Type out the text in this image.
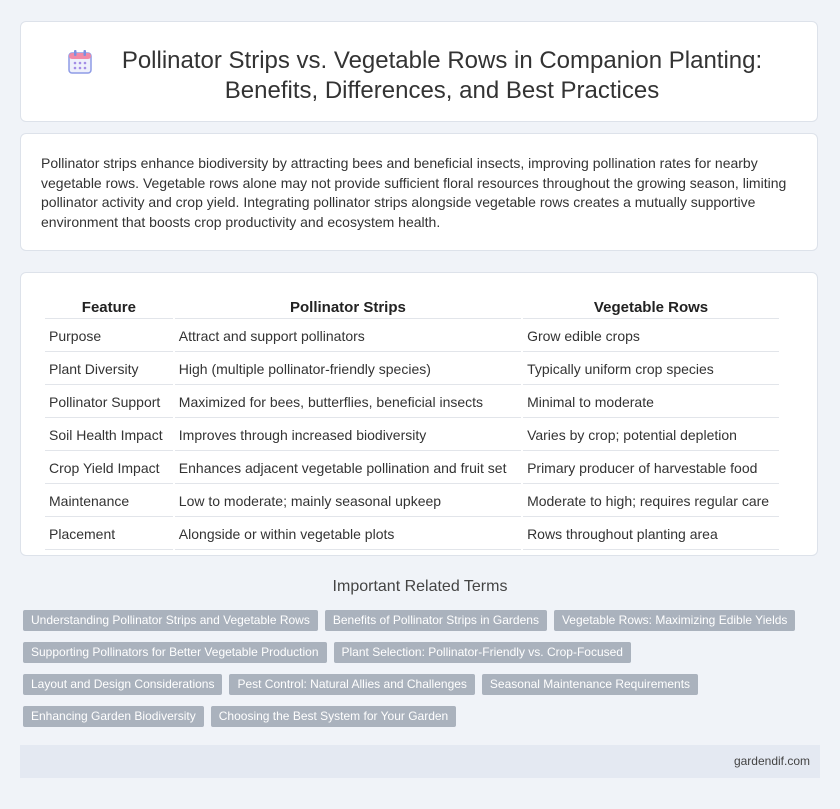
Pollinator Strips vs. Vegetable Rows in Companion Planting: Benefits, Differences, and Best Practices

Pollinator strips enhance biodiversity by attracting bees and beneficial insects, improving pollination rates for nearby vegetable rows. Vegetable rows alone may not provide sufficient floral resources throughout the growing season, limiting pollinator activity and crop yield. Integrating pollinator strips alongside vegetable rows creates a mutually supportive environment that boosts crop productivity and ecosystem health.

Feature	Pollinator Strips	Vegetable Rows
Purpose	Attract and support pollinators	Grow edible crops
Plant Diversity	High (multiple pollinator-friendly species)	Typically uniform crop species
Pollinator Support	Maximized for bees, butterflies, beneficial insects	Minimal to moderate
Soil Health Impact	Improves through increased biodiversity	Varies by crop; potential depletion
Crop Yield Impact	Enhances adjacent vegetable pollination and fruit set	Primary producer of harvestable food
Maintenance	Low to moderate; mainly seasonal upkeep	Moderate to high; requires regular care
Placement	Alongside or within vegetable plots	Rows throughout planting area
Important Related Terms
Understanding Pollinator Strips and Vegetable Rows	Benefits of Pollinator Strips in Gardens	Vegetable Rows: Maximizing Edible Yields
Supporting Pollinators for Better Vegetable Production	Plant Selection: Pollinator-Friendly vs. Crop-Focused
Layout and Design Considerations	Pest Control: Natural Allies and Challenges	Seasonal Maintenance Requirements
Enhancing Garden Biodiversity	Choosing the Best System for Your Garden
gardendif.com
